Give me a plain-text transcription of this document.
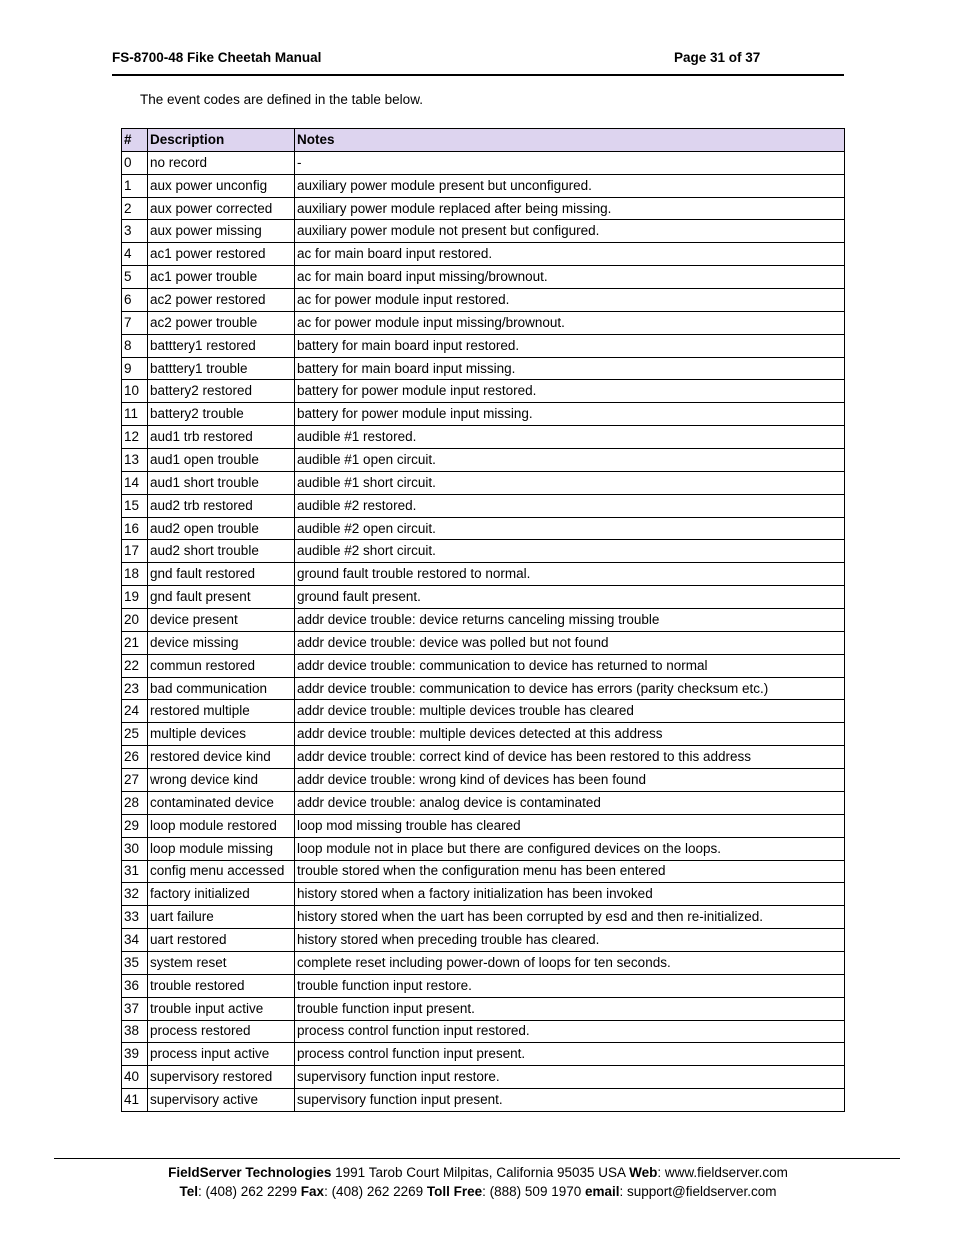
FS-8700-48 Fike Cheetah Manual	Page 31 of 37
The event codes are defined in the table below.
#	Description	Notes
0	no record	-
1	aux power unconfig	auxiliary power module present but unconfigured.
2	aux power corrected	auxiliary power module replaced after being missing.
3	aux power missing	auxiliary power module not present but configured.
4	ac1 power restored	ac for main board input restored.
5	ac1 power trouble	ac for main board input missing/brownout.
6	ac2 power restored	ac for power module input restored.
7	ac2 power trouble	ac for power module input missing/brownout.
8	batttery1 restored	battery for main board input restored.
9	batttery1 trouble	battery for main board input missing.
10	battery2 restored	battery for power module input restored.
11	battery2 trouble	battery for power module input missing.
12	aud1 trb restored	audible #1 restored.
13	aud1 open trouble	audible #1 open circuit.
14	aud1 short trouble	audible #1 short circuit.
15	aud2 trb restored	audible #2 restored.
16	aud2 open trouble	audible #2 open circuit.
17	aud2 short trouble	audible #2 short circuit.
18	gnd fault restored	ground fault trouble restored to normal.
19	gnd fault present	ground fault present.
20	device present	addr device trouble: device returns canceling missing trouble
21	device missing	addr device trouble: device was polled but not found
22	commun restored	addr device trouble: communication to device has returned to normal
23	bad communication	addr device trouble: communication to device has errors (parity checksum etc.)
24	restored multiple	addr device trouble: multiple devices trouble has cleared
25	multiple devices	addr device trouble: multiple devices detected at this address
26	restored device kind	addr device trouble: correct kind of device has been restored to this address
27	wrong device kind	addr device trouble: wrong kind of devices has been found
28	contaminated device	addr device trouble: analog device is contaminated
29	loop module restored	loop mod missing trouble has cleared
30	loop module missing	loop module not in place but there are configured devices on the loops.
31	config menu accessed	trouble stored when the configuration menu has been entered
32	factory initialized	history stored when a factory initialization has been invoked
33	uart failure	history stored when the uart has been corrupted by esd and then re-initialized.
34	uart restored	history stored when preceding trouble has cleared.
35	system reset	complete reset including power-down of loops for ten seconds.
36	trouble restored	trouble function input restore.
37	trouble input active	trouble function input present.
38	process restored	process control function input restored.
39	process input active	process control function input present.
40	supervisory restored	supervisory function input restore.
41	supervisory active	supervisory function input present.
FieldServer Technologies 1991 Tarob Court Milpitas, California 95035 USA Web: www.fieldserver.com
Tel: (408) 262 2299 Fax: (408) 262 2269 Toll Free: (888) 509 1970 email: support@fieldserver.com
